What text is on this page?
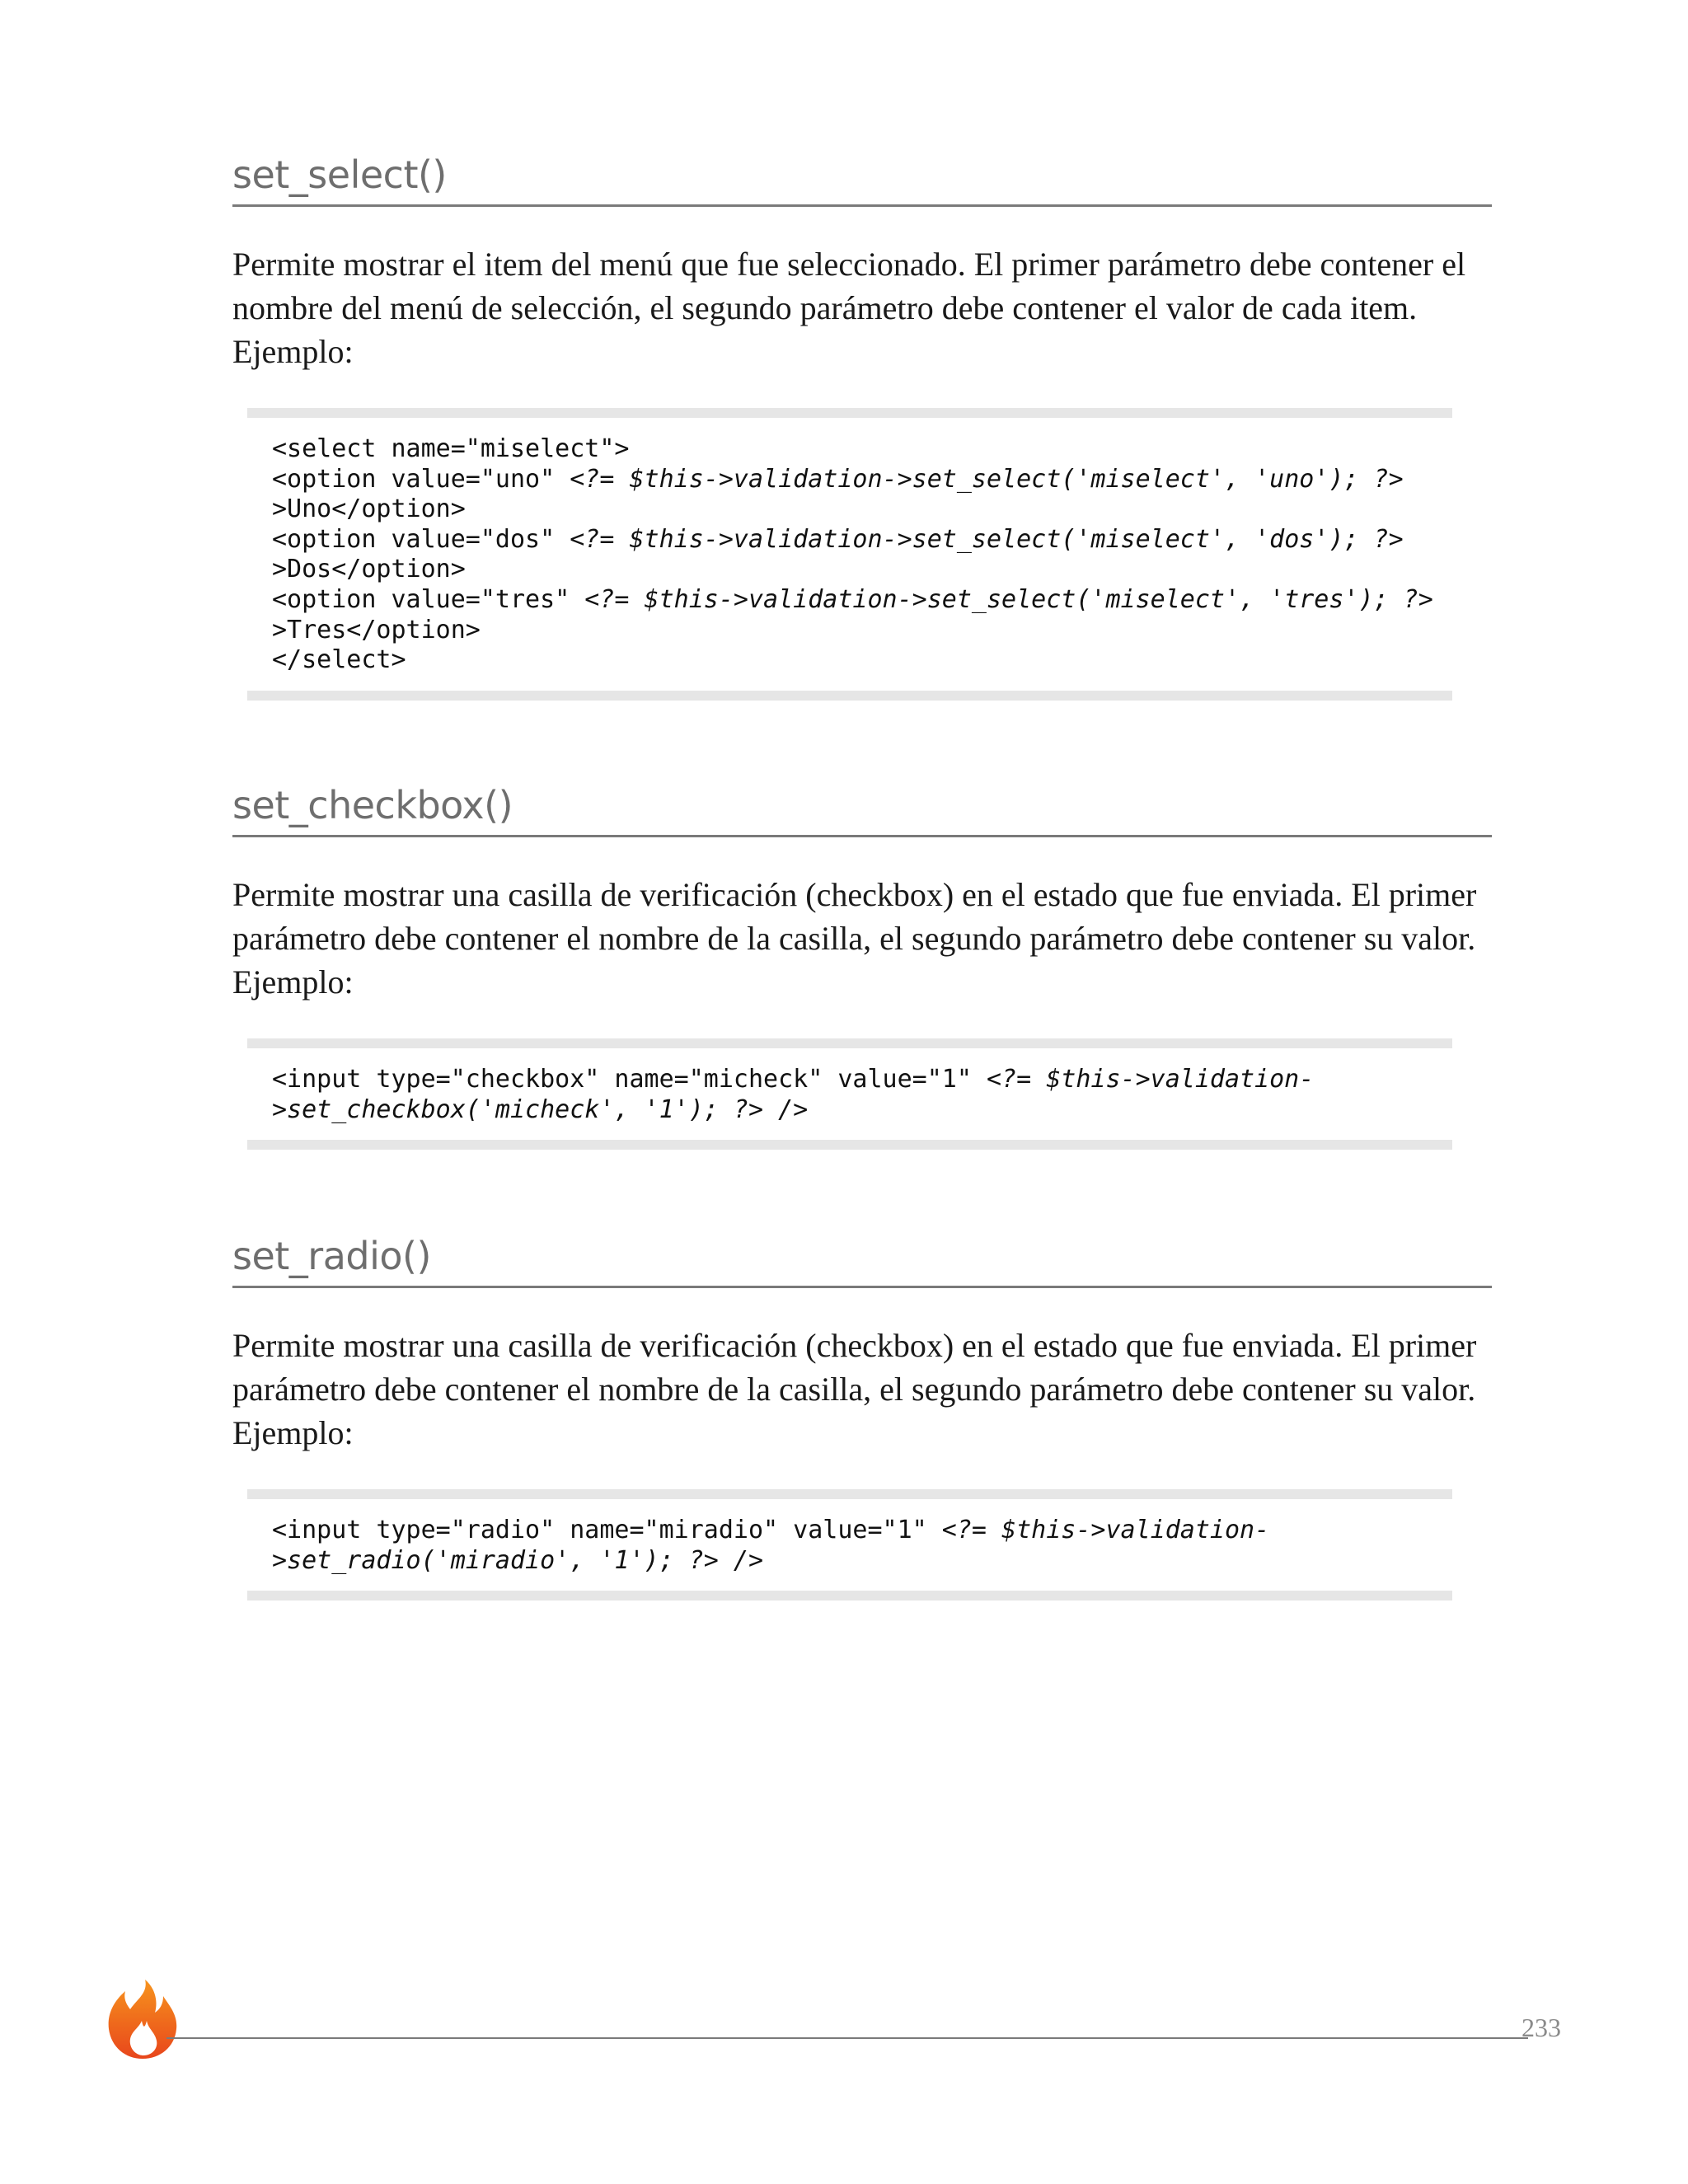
set_select()

Permite mostrar el item del menú que fue seleccionado. El primer parámetro debe contener el nombre del menú de selección, el segundo parámetro debe contener el valor de cada item. Ejemplo:

<select name="miselect">
<option value="uno" <?= $this->validation->set_select('miselect', 'uno'); ?>
>Uno</option>
<option value="dos" <?= $this->validation->set_select('miselect', 'dos'); ?>
>Dos</option>
<option value="tres" <?= $this->validation->set_select('miselect', 'tres'); ?>
>Tres</option>
</select>
set_checkbox()

Permite mostrar una casilla de verificación (checkbox) en el estado que fue enviada. El primer parámetro debe contener el nombre de la casilla, el segundo parámetro debe contener su valor. Ejemplo:

<input type="checkbox" name="micheck" value="1" <?= $this->validation-
>set_checkbox('micheck', '1'); ?> />
set_radio()

Permite mostrar una casilla de verificación (checkbox) en el estado que fue enviada. El primer parámetro debe contener el nombre de la casilla, el segundo parámetro debe contener su valor. Ejemplo:

<input type="radio" name="miradio" value="1" <?= $this->validation-
>set_radio('miradio', '1'); ?> />
233
